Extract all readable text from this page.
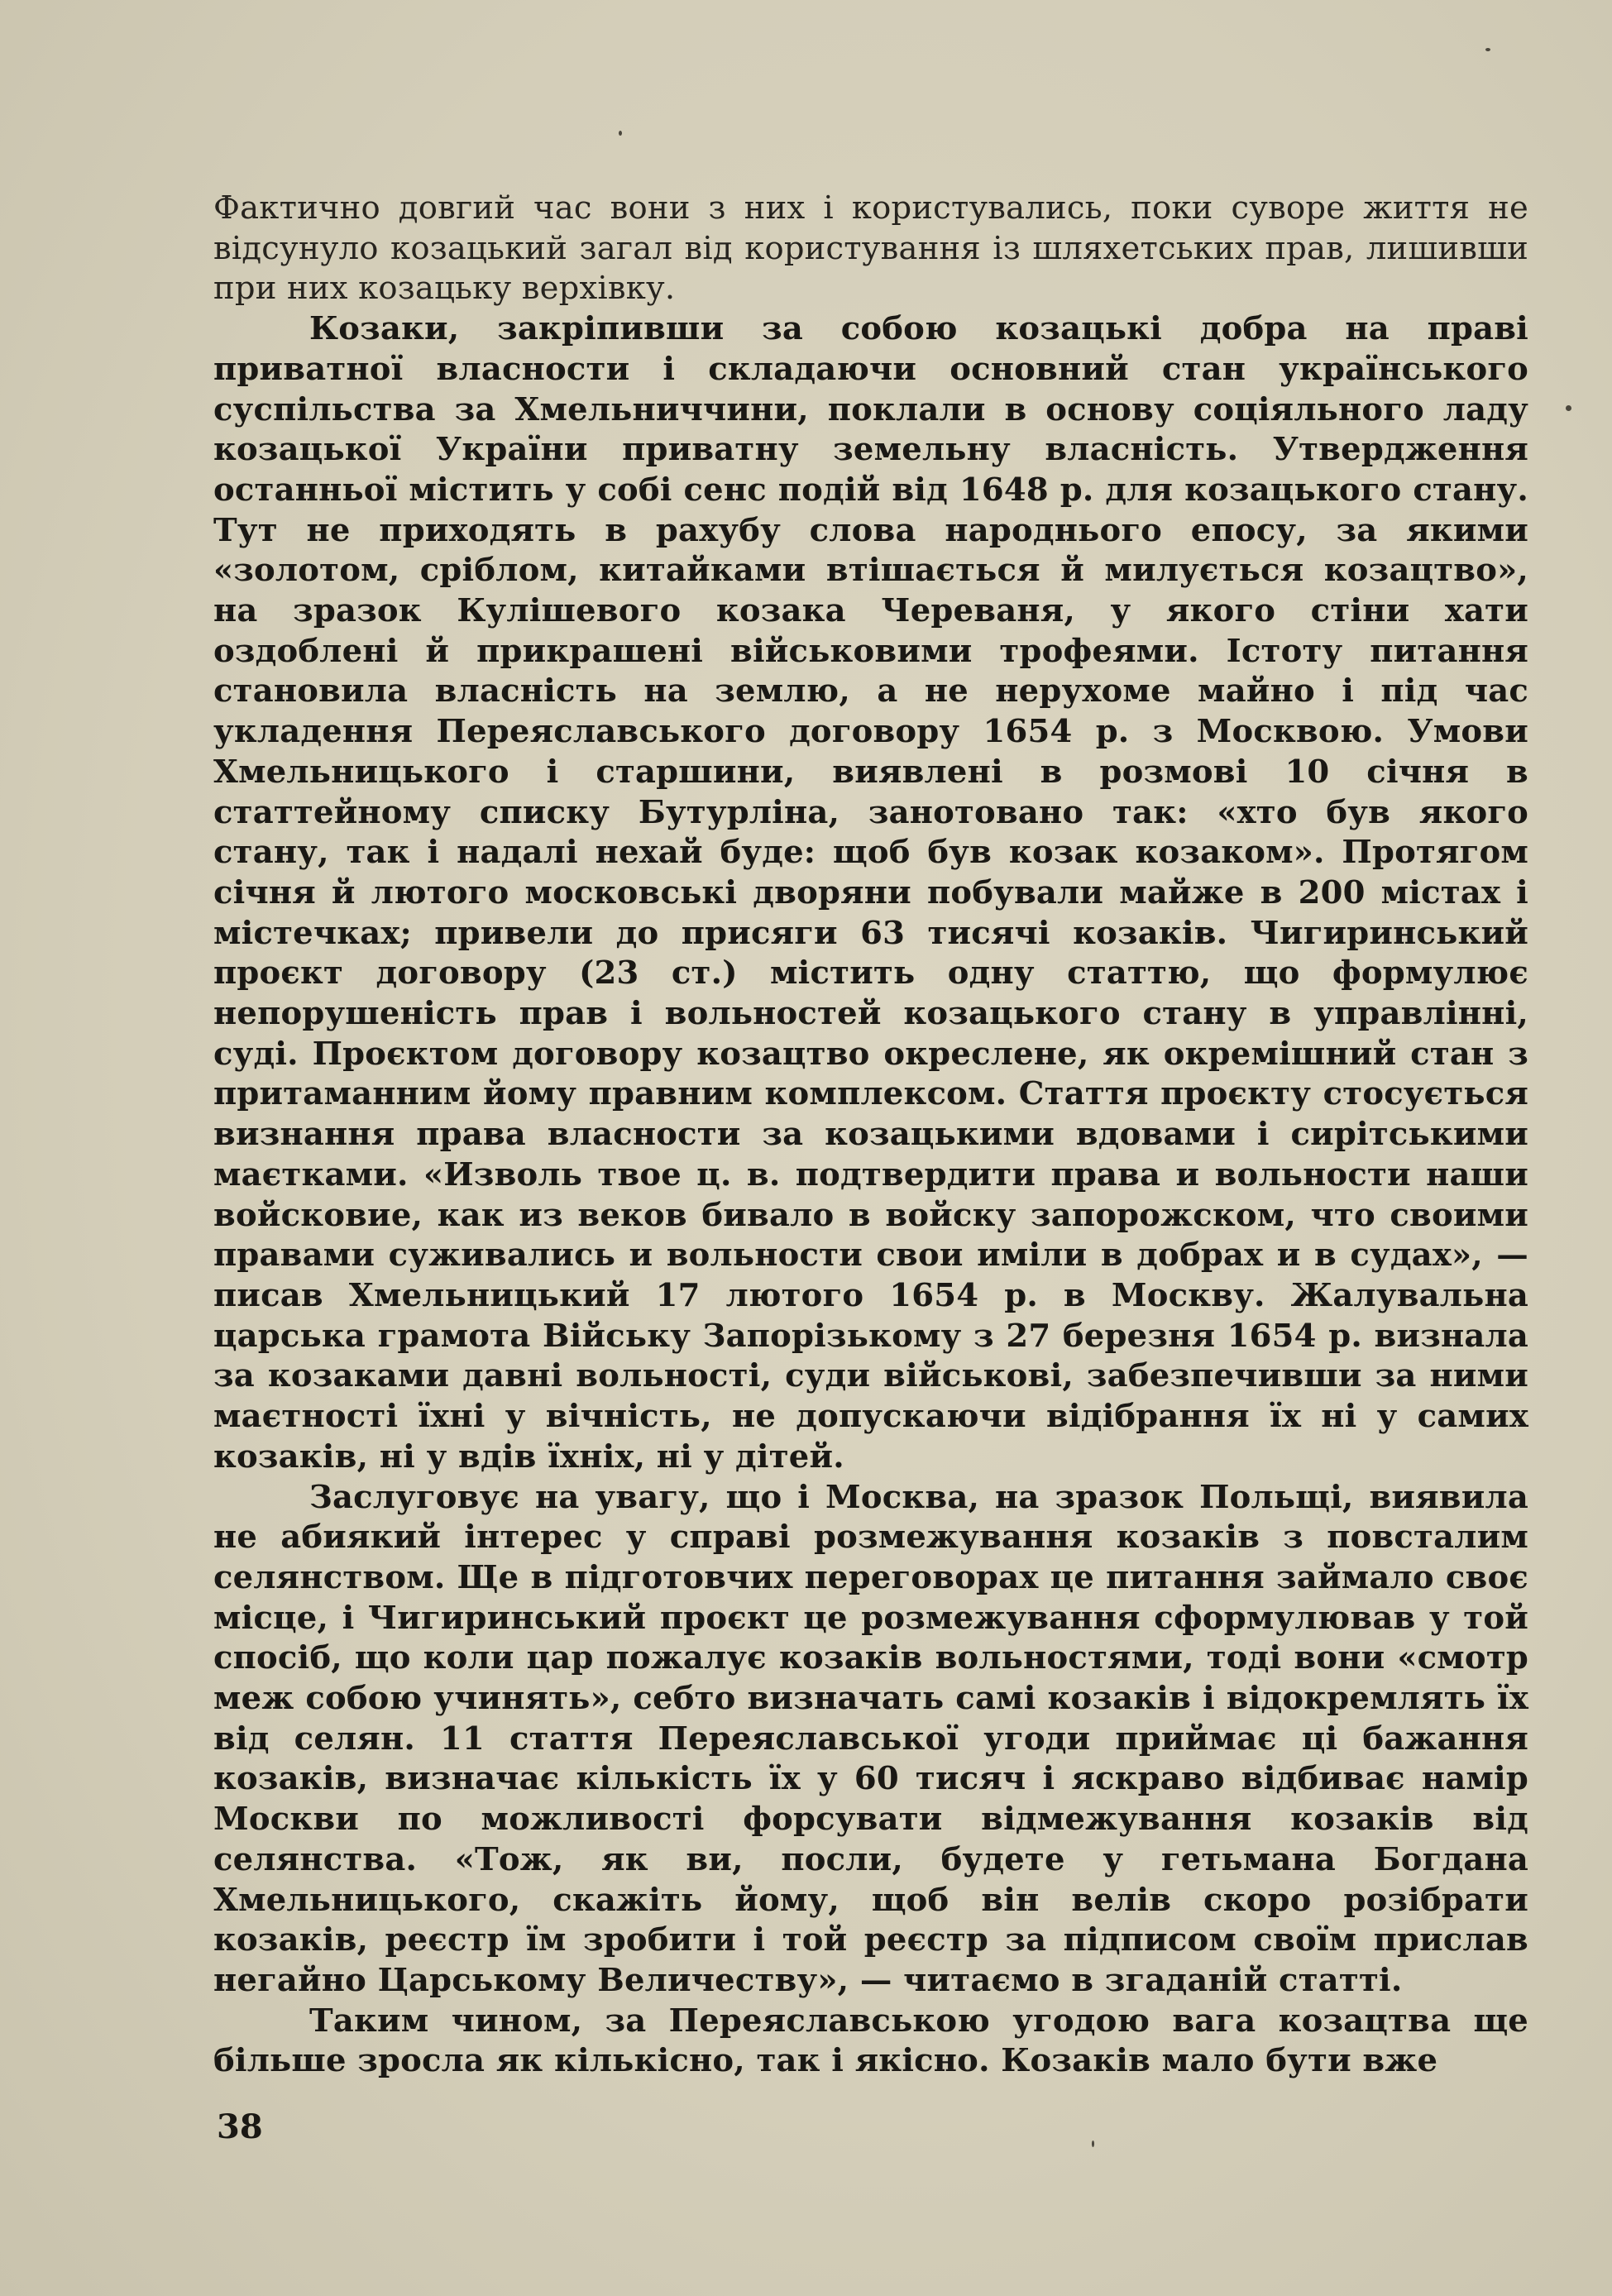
Фактично довгий час вони з них і користувались, поки суворе життя не відсунуло козацький загал від користування із шляхетських прав, лишивши при них козацьку верхівку.

Козаки, закріпивши за собою козацькі добра на праві приватної власности і складаючи основний стан українського суспільства за Хмельниччини, поклали в основу соціяльного ладу козацької України приватну земельну власність. Утвердження останньої містить у собі сенс подій від 1648 р. для козацького стану. Тут не приходять в рахубу слова народнього епосу, за якими «золотом, сріблом, китайками втішається й милується козацтво», на зразок Кулішевого козака Череваня, у якого стіни хати оздоблені й прикрашені військовими трофеями. Істоту питання становила власність на землю, а не нерухоме майно і під час укладення Переяславського договору 1654 р. з Москвою. Умови Хмельницького і старшини, виявлені в розмові 10 січня в статтейному списку Бутурліна, занотовано так: «хто був якого стану, так і надалі нехай буде: щоб був козак козаком». Протягом січня й лютого московські дворяни побували майже в 200 містах і містечках; привели до присяги 63 тисячі козаків. Чигиринський проєкт договору (23 ст.) містить одну статтю, що формулює непорушеність прав і вольностей козацького стану в управлінні, суді. Проєктом договору козацтво окреслене, як окремішний стан з притаманним йому правним комплексом. Стаття проєкту стосується визнання права власности за козацькими вдовами і сирітськими маєтками. «Изволь твое ц. в. подтвердити права и вольности наши войсковие, как из веков бивало в войску запорожском, что своими правами суживались и вольности свои иміли в добрах и в судах», — писав Хмельницький 17 лютого 1654 р. в Москву. Жалувальна царська грамота Війську Запорізькому з 27 березня 1654 р. визнала за козаками давні вольності, суди військові, забезпечивши за ними маєтності їхні у вічність, не допускаючи відібрання їх ні у самих козаків, ні у вдів їхніх, ні у дітей.

Заслуговує на увагу, що і Москва, на зразок Польщі, виявила не абиякий інтерес у справі розмежування козаків з повсталим селянством. Ще в підготовчих переговорах це питання займало своє місце, і Чигиринський проєкт це розмежування сформулював у той спосіб, що коли цар пожалує козаків вольностями, тоді вони «смотр меж собою учинять», себто визначать самі козаків і відокремлять їх від селян. 11 стаття Переяславської угоди приймає ці бажання козаків, визначає кількість їх у 60 тисяч і яскраво відбиває намір Москви по можливості форсувати відмежування козаків від селянства. «Тож, як ви, посли, будете у гетьмана Богдана Хмельницького, скажіть йому, щоб він велів скоро розібрати козаків, реєстр їм зробити і той реєстр за підписом своїм прислав негайно Царському Величеству», — читаємо в згаданій статті.

Таким чином, за Переяславською угодою вага козацтва ще більше зросла як кількісно, так і якісно. Козаків мало бути вже

38
